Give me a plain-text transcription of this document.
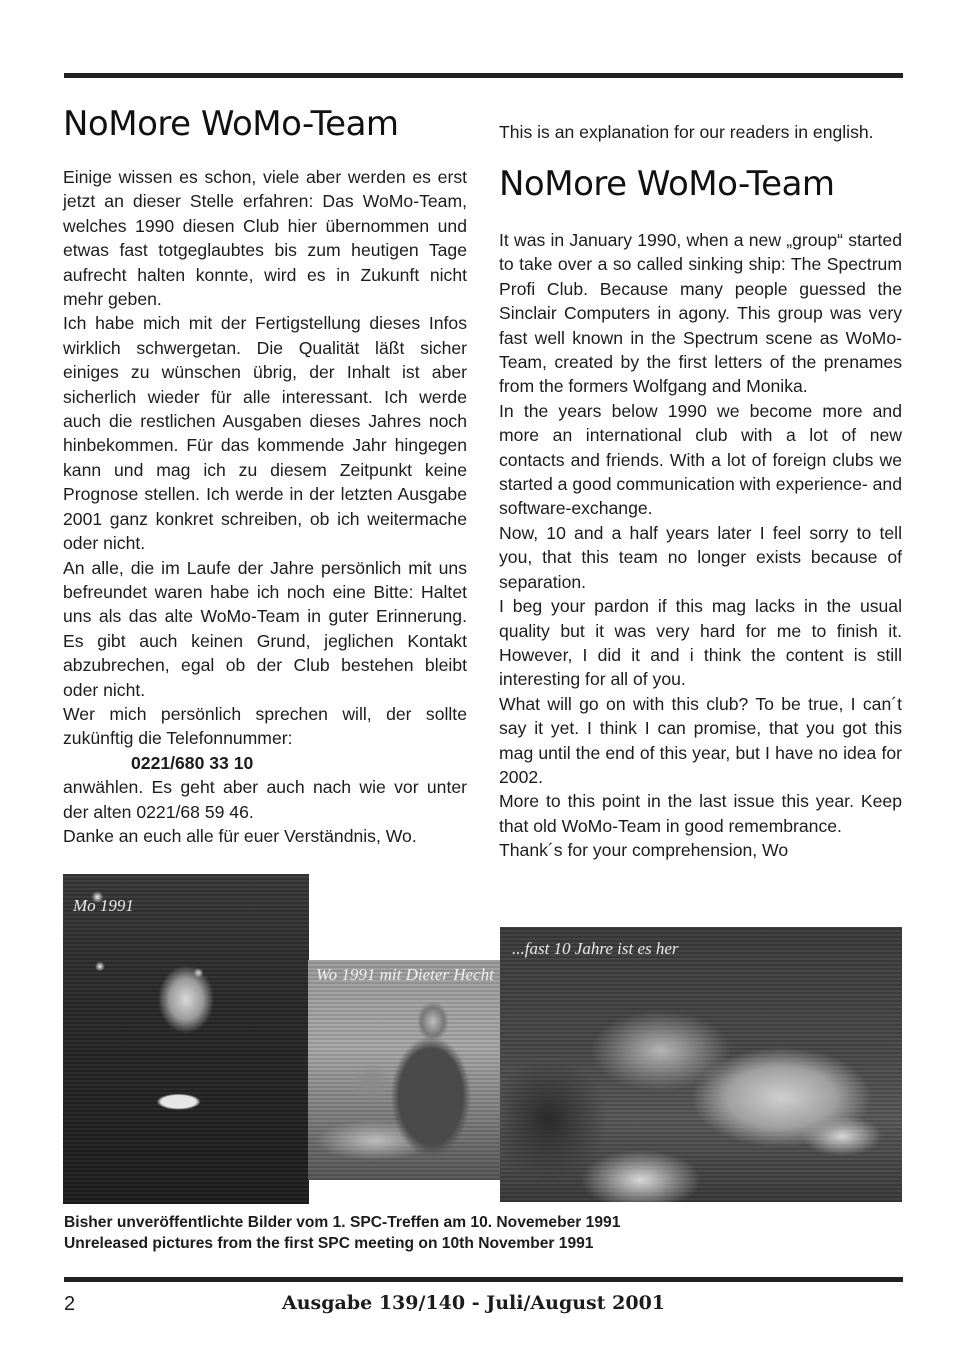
NoMore WoMo-Team

Einige wissen es schon, viele aber werden es erst jetzt an dieser Stelle erfahren: Das WoMo-Team, welches 1990 diesen Club hier übernommen und etwas fast totgeglaubtes bis zum heutigen Tage aufrecht halten konnte, wird es in Zukunft nicht mehr geben.

Ich habe mich mit der Fertigstellung dieses Infos wirklich schwergetan. Die Qualität läßt sicher einiges zu wünschen übrig, der Inhalt ist aber sicherlich wieder für alle interessant. Ich werde auch die restlichen Ausgaben dieses Jahres noch hinbekommen. Für das kommende Jahr hingegen kann und mag ich zu diesem Zeitpunkt keine Prognose stellen. Ich werde in der letzten Ausgabe 2001 ganz konkret schreiben, ob ich weitermache oder nicht.

An alle, die im Laufe der Jahre persönlich mit uns befreundet waren habe ich noch eine Bitte: Haltet uns als das alte WoMo-Team in guter Erinnerung. Es gibt auch keinen Grund, jeglichen Kontakt abzubrechen, egal ob der Club bestehen bleibt oder nicht.

Wer mich persönlich sprechen will, der sollte zukünftig die Telefonnummer:

0221/680 33 10

anwählen. Es geht aber auch nach wie vor unter der alten 0221/68 59 46.

Danke an euch alle für euer Verständnis, Wo.

This is an explanation for our readers in english.

NoMore WoMo-Team

It was in January 1990, when a new „group“ started to take over a so called sinking ship: The Spectrum Profi Club. Because many people guessed the Sinclair Computers in agony. This group was very fast well known in the Spectrum scene as WoMo-Team, created by the first letters of the prenames from the formers Wolfgang and Monika.

In the years below 1990 we become more and more an international club with a lot of new contacts and friends. With a lot of foreign clubs we started a good communication with experience- and software-exchange.

Now, 10 and a half years later I feel sorry to tell you, that this team no longer exists because of separation.

I beg your pardon if this mag lacks in the usual quality but it was very hard for me to finish it. However, I did it and i think the content is still interesting for all of you.

What will go on with this club? To be true, I can´t say it yet. I think I can promise, that you got this mag until the end of this year, but I have no idea for 2002.

More to this point in the last issue this year. Keep that old WoMo-Team in good remembrance.

Thank´s for your comprehension, Wo

Mo 1991
Wo 1991 mit Dieter Hecht
...fast 10 Jahre ist es her
Bisher unveröffentlichte Bilder vom 1. SPC-Treffen am 10. Novemeber 1991
Unreleased pictures from the first SPC meeting on 10th November 1991
2	Ausgabe 139/140 - Juli/August 2001
